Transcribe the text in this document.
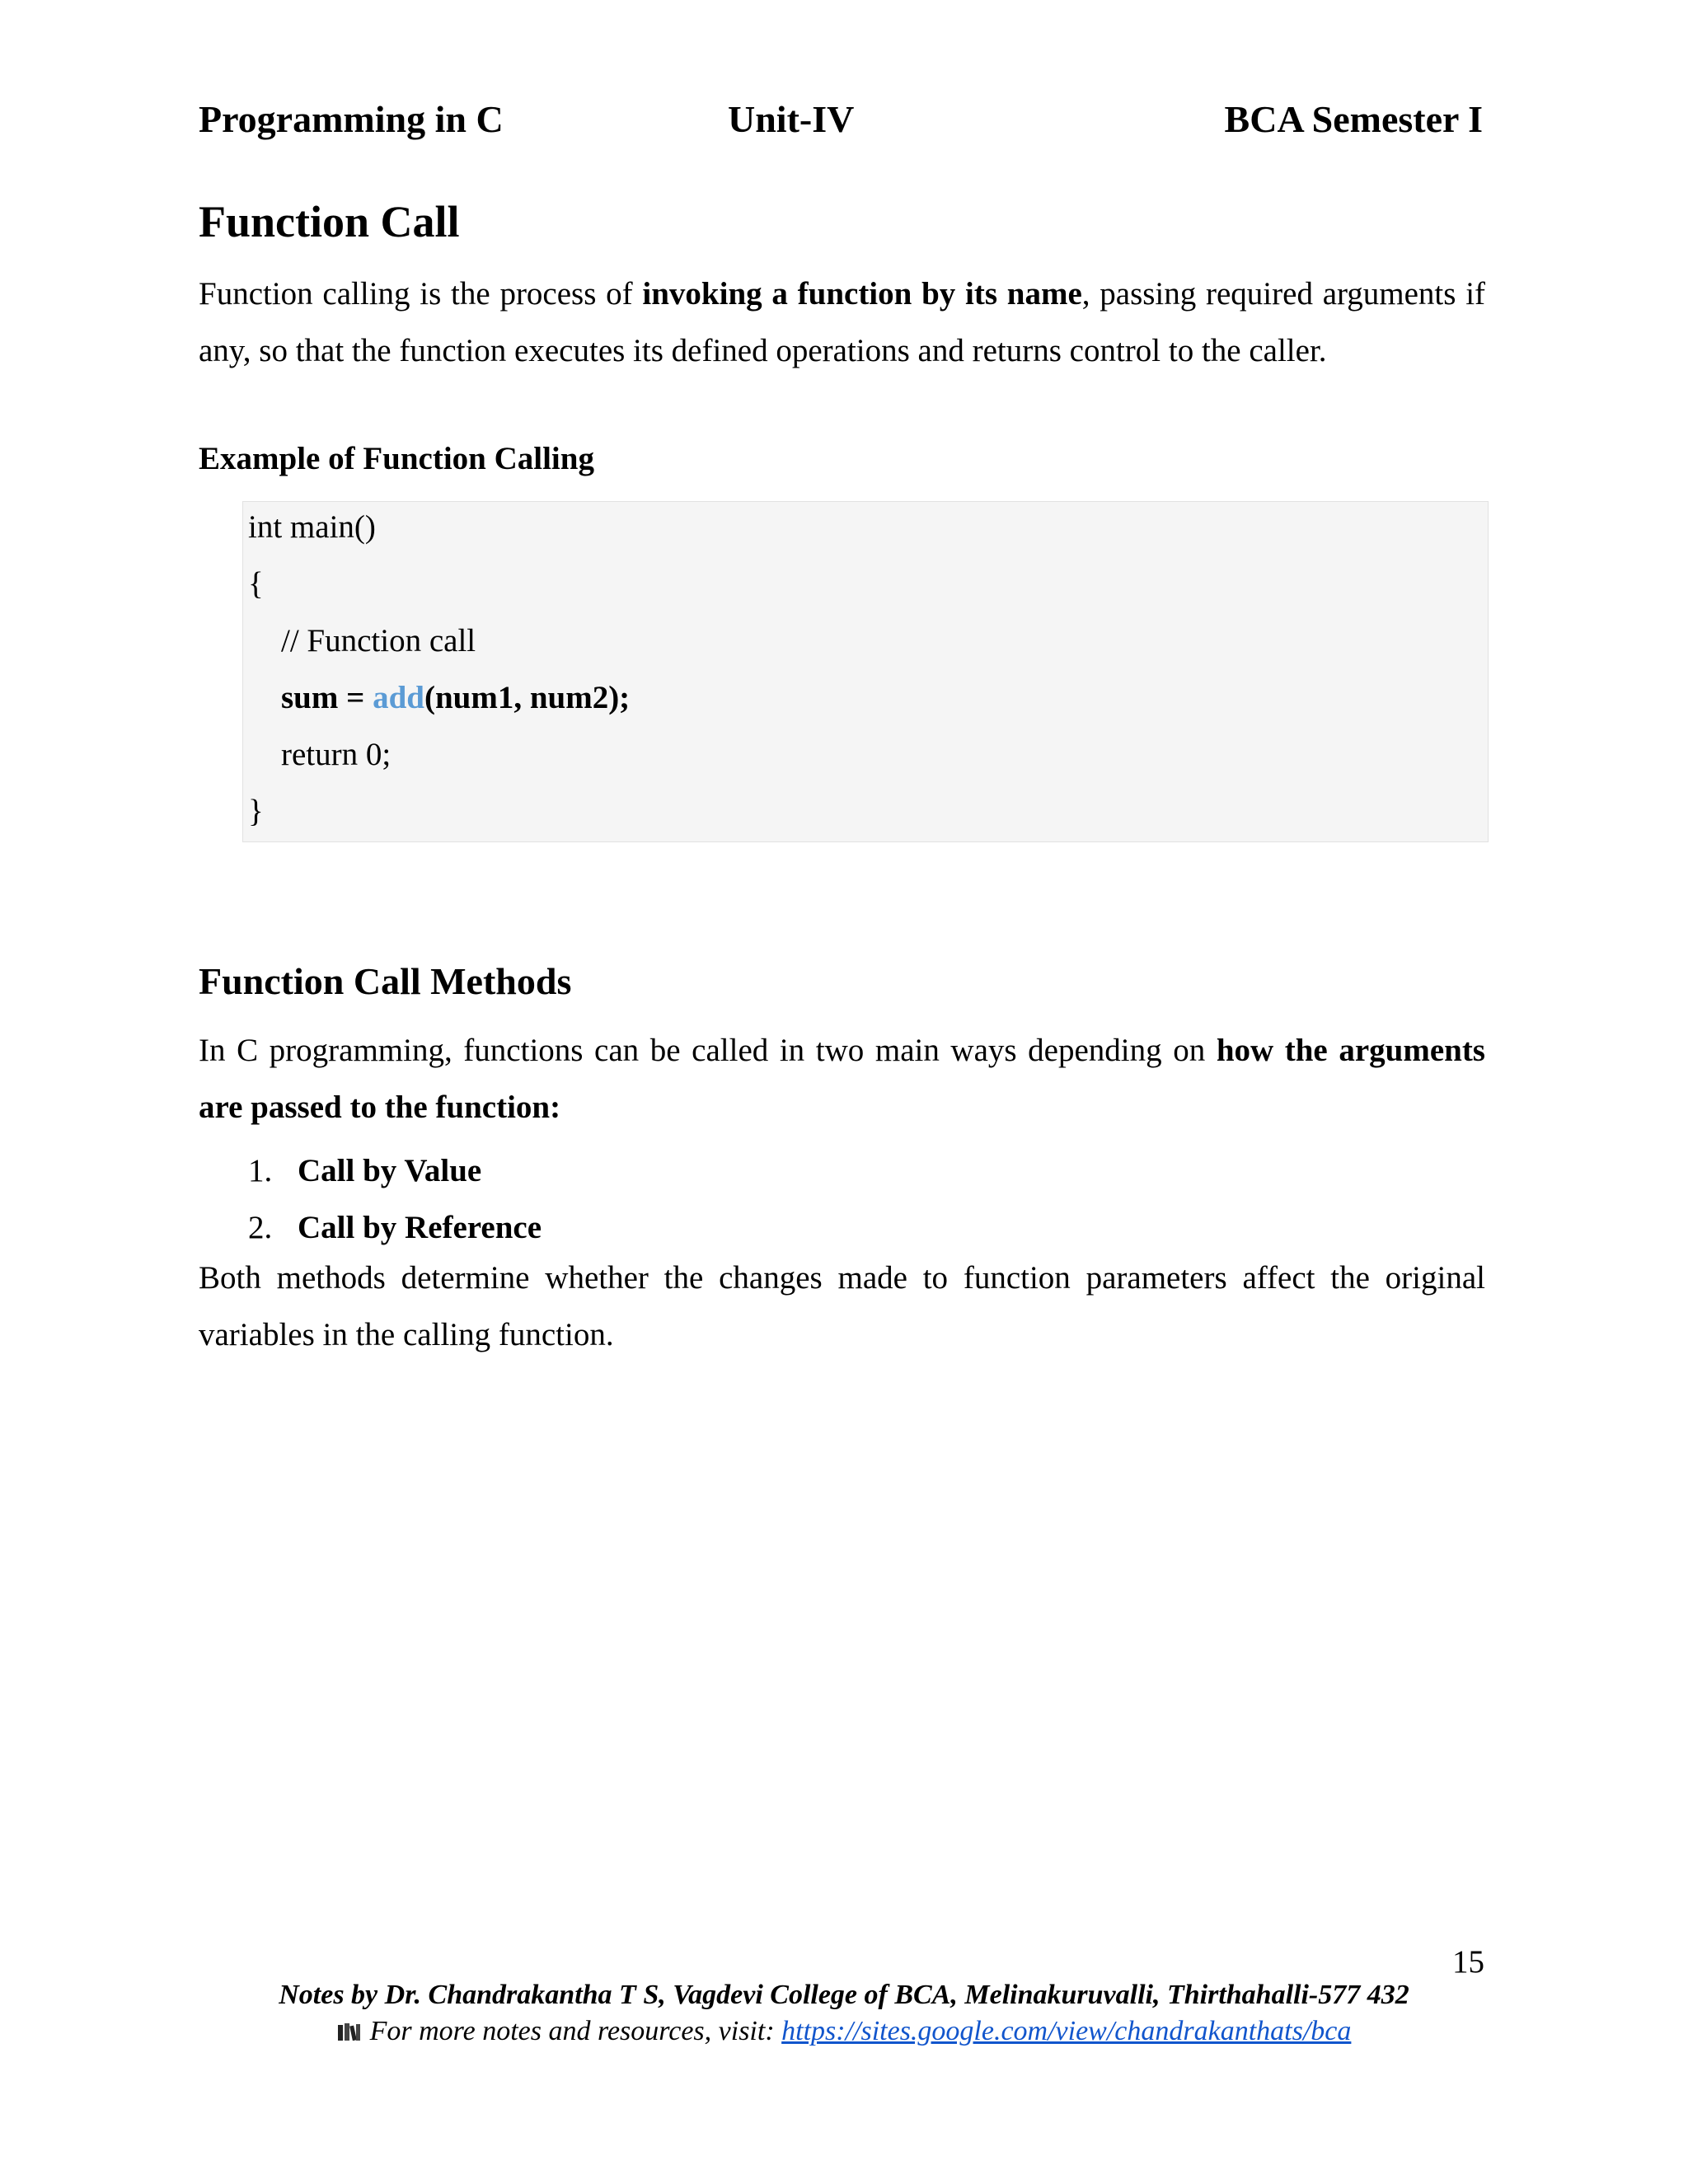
Programming in C	Unit-IV	BCA Semester I
Function Call

Function calling is the process of invoking a function by its name, passing required arguments if any, so that the function executes its defined operations and returns control to the caller.

Example of Function Calling
int main()
{
// Function call
sum = add(num1, num2);
return 0;
}
Function Call Methods

In C programming, functions can be called in two main ways depending on how the arguments are passed to the function:

1. Call by Value
2. Call by Reference

Both methods determine whether the changes made to function parameters affect the original variables in the calling function.

15
Notes by Dr. Chandrakantha T S, Vagdevi College of BCA, Melinakuruvalli, Thirthahalli-577 432
For more notes and resources, visit: https://sites.google.com/view/chandrakanthats/bca
